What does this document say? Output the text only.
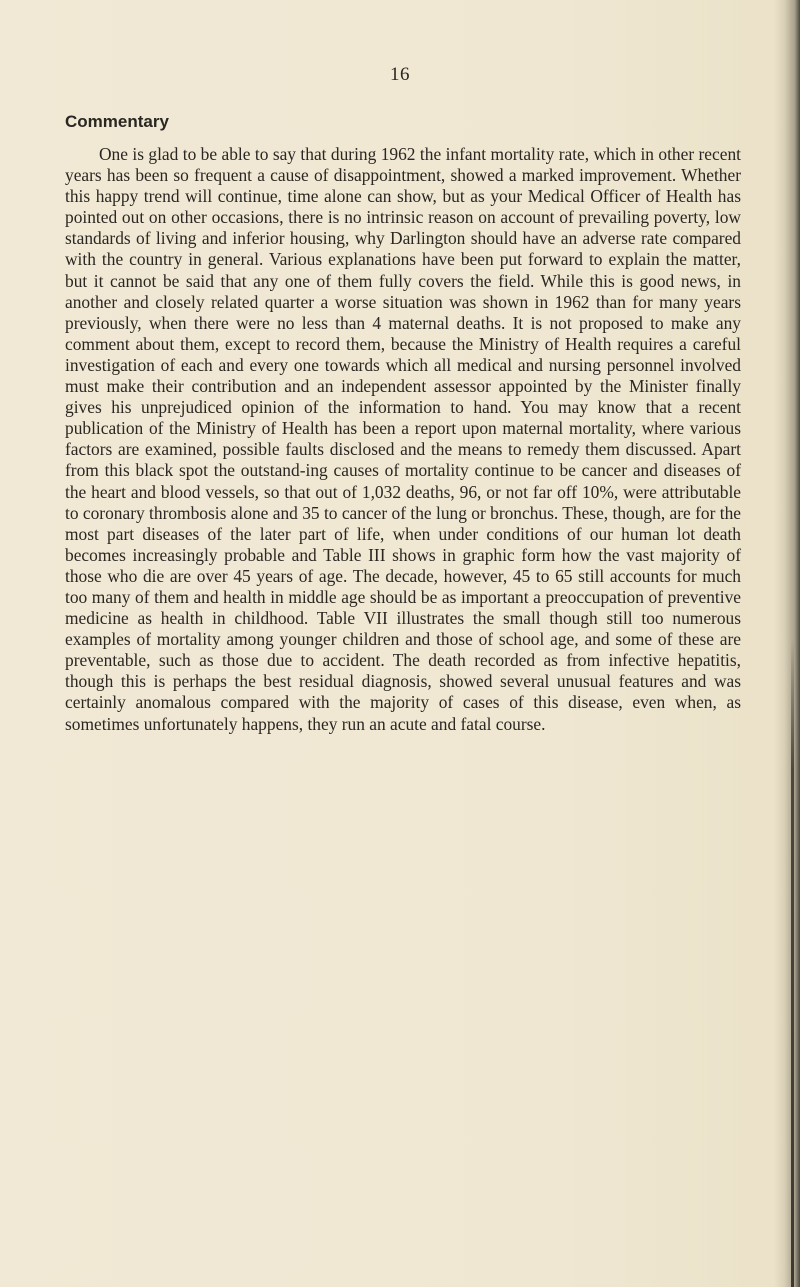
16
Commentary

One is glad to be able to say that during 1962 the infant mortality rate, which in other recent years has been so frequent a cause of disappointment, showed a marked improvement. Whether this happy trend will continue, time alone can show, but as your Medical Officer of Health has pointed out on other occasions, there is no intrinsic reason on account of prevailing poverty, low standards of living and inferior housing, why Darlington should have an adverse rate compared with the country in general. Various explanations have been put forward to explain the matter, but it cannot be said that any one of them fully covers the field. While this is good news, in another and closely related quarter a worse situation was shown in 1962 than for many years previously, when there were no less than 4 maternal deaths. It is not proposed to make any comment about them, except to record them, because the Ministry of Health requires a careful investigation of each and every one towards which all medical and nursing personnel involved must make their contribution and an independent assessor appointed by the Minister finally gives his unprejudiced opinion of the information to hand. You may know that a recent publication of the Ministry of Health has been a report upon maternal mortality, where various factors are examined, possible faults disclosed and the means to remedy them discussed. Apart from this black spot the outstand-ing causes of mortality continue to be cancer and diseases of the heart and blood vessels, so that out of 1,032 deaths, 96, or not far off 10%, were attributable to coronary thrombosis alone and 35 to cancer of the lung or bronchus. These, though, are for the most part diseases of the later part of life, when under conditions of our human lot death becomes increasingly probable and Table III shows in graphic form how the vast majority of those who die are over 45 years of age. The decade, however, 45 to 65 still accounts for much too many of them and health in middle age should be as important a preoccupation of preventive medicine as health in childhood. Table VII illustrates the small though still too numerous examples of mortality among younger children and those of school age, and some of these are preventable, such as those due to accident. The death recorded as from infective hepatitis, though this is perhaps the best residual diagnosis, showed several unusual features and was certainly anomalous compared with the majority of cases of this disease, even when, as sometimes unfortunately happens, they run an acute and fatal course.
